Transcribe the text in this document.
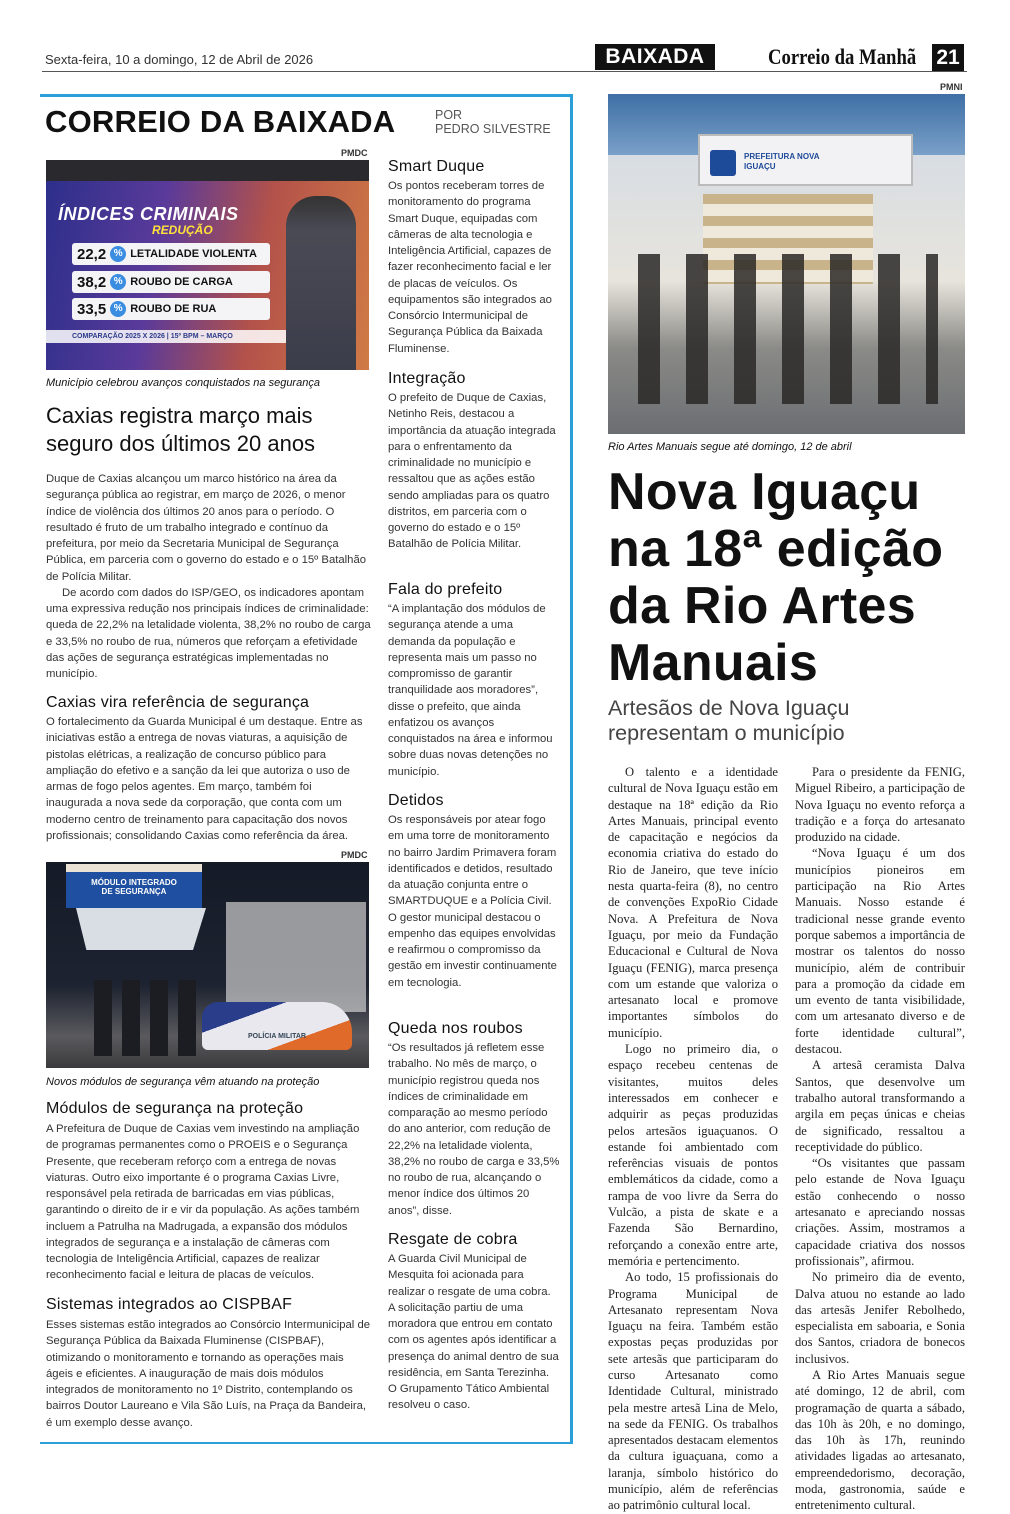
Sexta-feira, 10 a domingo, 12 de Abril de 2026	BAIXADA	Correio da Manhã 21
CORREIO DA BAIXADA	POR
PEDRO SILVESTRE
PMDC
ÍNDICES CRIMINAIS
REDUÇÃO
22,2 % LETALIDADE VIOLENTA
38,2 % ROUBO DE CARGA
33,5 % ROUBO DE RUA
COMPARAÇÃO 2025 X 2026 | 15º BPM – MARÇO
Município celebrou avanços conquistados na segurança
Caxias registra março mais seguro dos últimos 20 anos

Duque de Caxias alcançou um marco histórico na área da segurança pública ao registrar, em março de 2026, o menor índice de violência dos últimos 20 anos para o período. O resultado é fruto de um trabalho integrado e contínuo da prefeitura, por meio da Secretaria Municipal de Segurança Pública, em parceria com o governo do estado e o 15º Batalhão de Polícia Militar.

De acordo com dados do ISP/GEO, os indicadores apontam uma expressiva redução nos principais índices de criminalidade: queda de 22,2% na letalidade violenta, 38,2% no roubo de carga e 33,5% no roubo de rua, números que reforçam a efetividade das ações de segurança estratégicas implementadas no município.

Caxias vira referência de segurança
O fortalecimento da Guarda Municipal é um destaque. Entre as iniciativas estão a entrega de novas viaturas, a aquisição de pistolas elétricas, a realização de concurso público para ampliação do efetivo e a sanção da lei que autoriza o uso de armas de fogo pelos agentes. Em março, também foi inaugurada a nova sede da corporação, que conta com um moderno centro de treinamento para capacitação dos novos profissionais; consolidando Caxias como referência da área.
PMDC
MÓDULO INTEGRADO DE SEGURANÇA
POLÍCIA MILITAR
Novos módulos de segurança vêm atuando na proteção
Módulos de segurança na proteção
A Prefeitura de Duque de Caxias vem investindo na ampliação de programas permanentes como o PROEIS e o Segurança Presente, que receberam reforço com a entrega de novas viaturas. Outro eixo importante é o programa Caxias Livre, responsável pela retirada de barricadas em vias públicas, garantindo o direito de ir e vir da população. As ações também incluem a Patrulha na Madrugada, a expansão dos módulos integrados de segurança e a instalação de câmeras com tecnologia de Inteligência Artificial, capazes de realizar reconhecimento facial e leitura de placas de veículos.
Sistemas integrados ao CISPBAF
Esses sistemas estão integrados ao Consórcio Intermunicipal de Segurança Pública da Baixada Fluminense (CISPBAF), otimizando o monitoramento e tornando as operações mais ágeis e eficientes. A inauguração de mais dois módulos integrados de monitoramento no 1º Distrito, contemplando os bairros Doutor Laureano e Vila São Luís, na Praça da Bandeira, é um exemplo desse avanço.
Smart Duque
Os pontos receberam torres de monitoramento do programa Smart Duque, equipadas com câmeras de alta tecnologia e Inteligência Artificial, capazes de fazer reconhecimento facial e ler de placas de veículos. Os equipamentos são integrados ao Consórcio Intermunicipal de Segurança Pública da Baixada Fluminense.
Integração
O prefeito de Duque de Caxias, Netinho Reis, destacou a importância da atuação integrada para o enfrentamento da criminalidade no município e ressaltou que as ações estão sendo ampliadas para os quatro distritos, em parceria com o governo do estado e o 15º Batalhão de Polícia Militar.
Fala do prefeito
“A implantação dos módulos de segurança atende a uma demanda da população e representa mais um passo no compromisso de garantir tranquilidade aos moradores”, disse o prefeito, que ainda enfatizou os avanços conquistados na área e informou sobre duas novas detenções no município.
Detidos
Os responsáveis por atear fogo em uma torre de monitoramento no bairro Jardim Primavera foram identificados e detidos, resultado da atuação conjunta entre o SMARTDUQUE e a Polícia Civil. O gestor municipal destacou o empenho das equipes envolvidas e reafirmou o compromisso da gestão em investir continuamente em tecnologia.
Queda nos roubos
“Os resultados já refletem esse trabalho. No mês de março, o município registrou queda nos índices de criminalidade em comparação ao mesmo período do ano anterior, com redução de 22,2% na letalidade violenta, 38,2% no roubo de carga e 33,5% no roubo de rua, alcançando o menor índice dos últimos 20 anos”, disse.
Resgate de cobra
A Guarda Civil Municipal de Mesquita foi acionada para realizar o resgate de uma cobra. A solicitação partiu de uma moradora que entrou em contato com os agentes após identificar a presença do animal dentro de sua residência, em Santa Terezinha. O Grupamento Tático Ambiental resolveu o caso.
PMNI
PREFEITURA NOVA IGUAÇU
Rio Artes Manuais segue até domingo, 12 de abril
Nova Iguaçu na 18ª edição da Rio Artes Manuais
Artesãos de Nova Iguaçu representam o município

O talento e a identidade cultural de Nova Iguaçu estão em destaque na 18ª edição da Rio Artes Manuais, principal evento de capacitação e negócios da economia criativa do estado do Rio de Janeiro, que teve início nesta quarta-feira (8), no centro de convenções ExpoRio Cidade Nova. A Prefeitura de Nova Iguaçu, por meio da Fundação Educacional e Cultural de Nova Iguaçu (FENIG), marca presença com um estande que valoriza o artesanato local e promove importantes símbolos do município.

Logo no primeiro dia, o espaço recebeu centenas de visitantes, muitos deles interessados em conhecer e adquirir as peças produzidas pelos artesãos iguaçuanos. O estande foi ambientado com referências visuais de pontos emblemáticos da cidade, como a rampa de voo livre da Serra do Vulcão, a pista de skate e a Fazenda São Bernardino, reforçando a conexão entre arte, memória e pertencimento.

Ao todo, 15 profissionais do Programa Municipal de Artesanato representam Nova Iguaçu na feira. Também estão expostas peças produzidas por sete artesãs que participaram do curso Artesanato como Identidade Cultural, ministrado pela mestre artesã Lina de Melo, na sede da FENIG. Os trabalhos apresentados destacam elementos da cultura iguaçuana, como a laranja, símbolo histórico do município, além de referências ao patrimônio cultural local.

Para o presidente da FENIG, Miguel Ribeiro, a participação de Nova Iguaçu no evento reforça a tradição e a força do artesanato produzido na cidade.

“Nova Iguaçu é um dos municípios pioneiros em participação na Rio Artes Manuais. Nosso estande é tradicional nesse grande evento porque sabemos a importância de mostrar os talentos do nosso município, além de contribuir para a promoção da cidade em um evento de tanta visibilidade, com um artesanato diverso e de forte identidade cultural”, destacou.

A artesã ceramista Dalva Santos, que desenvolve um trabalho autoral transformando a argila em peças únicas e cheias de significado, ressaltou a receptividade do público.

“Os visitantes que passam pelo estande de Nova Iguaçu estão conhecendo o nosso artesanato e apreciando nossas criações. Assim, mostramos a capacidade criativa dos nossos profissionais”, afirmou.

No primeiro dia de evento, Dalva atuou no estande ao lado das artesãs Jenifer Rebolhedo, especialista em saboaria, e Sonia dos Santos, criadora de bonecos inclusivos.

A Rio Artes Manuais segue até domingo, 12 de abril, com programação de quarta a sábado, das 10h às 20h, e no domingo, das 10h às 17h, reunindo atividades ligadas ao artesanato, empreendedorismo, decoração, moda, gastronomia, saúde e entretenimento cultural.
